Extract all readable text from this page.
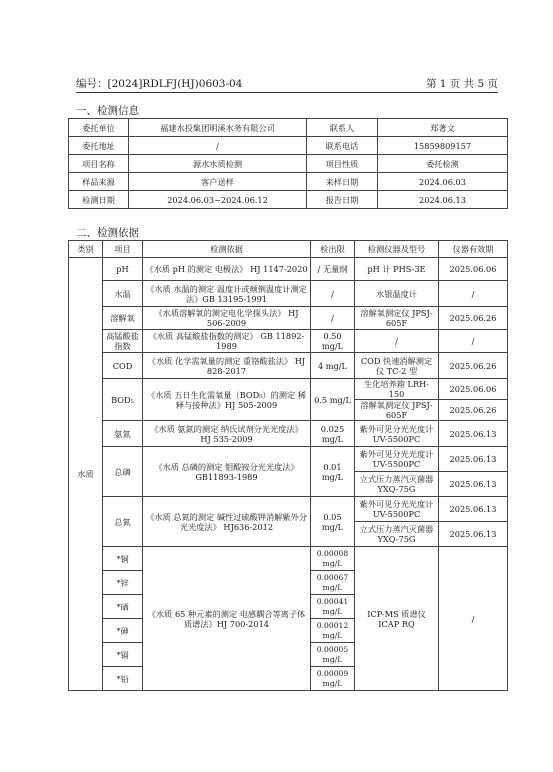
编号：[2024]RDLFJ(HJ)0603-04	第 1 页 共 5 页
一、检测信息
委托单位	福建水投集团明溪水务有限公司	联系人	郑著文
委托地址	/	联系电话	15859809157
项目名称	源水水质检测	项目性质	委托检测
样品来源	客户送样	来样日期	2024.06.03
检测日期	2024.06.03~2024.06.12	报告日期	2024.06.13
二、检测依据
类别	项目	检测依据	检出限	检测仪器及型号	仪器有效期
水质	pH	《水质 pH 的测定 电极法》 HJ 1147-2020	/ 无量纲	pH 计 PHS-3E	2025.06.06
	水温	《水质 水温的测定 温度计或颠倒温度计测定法》GB 13195-1991	/	水银温度计	/
	溶解氧	《水质溶解氧的测定电化学探头法》 HJ 506-2009	/	溶解氧测定仪 JPSJ-605F	2025.06.26
	高锰酸盐指数	《水质 高锰酸盐指数的测定》 GB 11892-1989	0.50 mg/L	/	/
	COD	《水质 化学需氧量的测定 重铬酸盐法》 HJ 828-2017	4 mg/L	COD 快速消解测定仪 TC-2 型	2025.06.26
	BOD₅	《水质 五日生化需氧量（BOD₅）的测定 稀释与接种法》HJ 505-2009	0.5 mg/L	生化培养箱 LRH-150	2025.06.06
				溶解氧测定仪 JPSJ-605F	2025.06.26
	氨氮	《水质 氨氮的测定 纳氏试剂分光光度法》 HJ 535-2009	0.025 mg/L	紫外可见分光光度计 UV-5500PC	2025.06.13
	总磷	《水质 总磷的测定 钼酸铵分光光度法》 GB11893-1989	0.01 mg/L	紫外可见分光光度计 UV-5500PC	2025.06.13
				立式压力蒸汽灭菌器 YXQ-75G	2025.06.13
	总氮	《水质 总氮的测定 碱性过硫酸钾消解紫外分光光度法》 HJ636-2012	0.05 mg/L	紫外可见分光光度计 UV-5500PC	2025.06.13
				立式压力蒸汽灭菌器 YXQ-75G	2025.06.13
	*铜	《水质 65 种元素的测定 电感耦合等离子体质谱法》HJ 700-2014	0.00008 mg/L	ICP-MS 质谱仪 ICAP RQ	/
	*锌		0.00067 mg/L		
	*硒		0.00041 mg/L		
	*砷		0.00012 mg/L		
	*镉		0.00005 mg/L		
	*铅		0.00009 mg/L		
